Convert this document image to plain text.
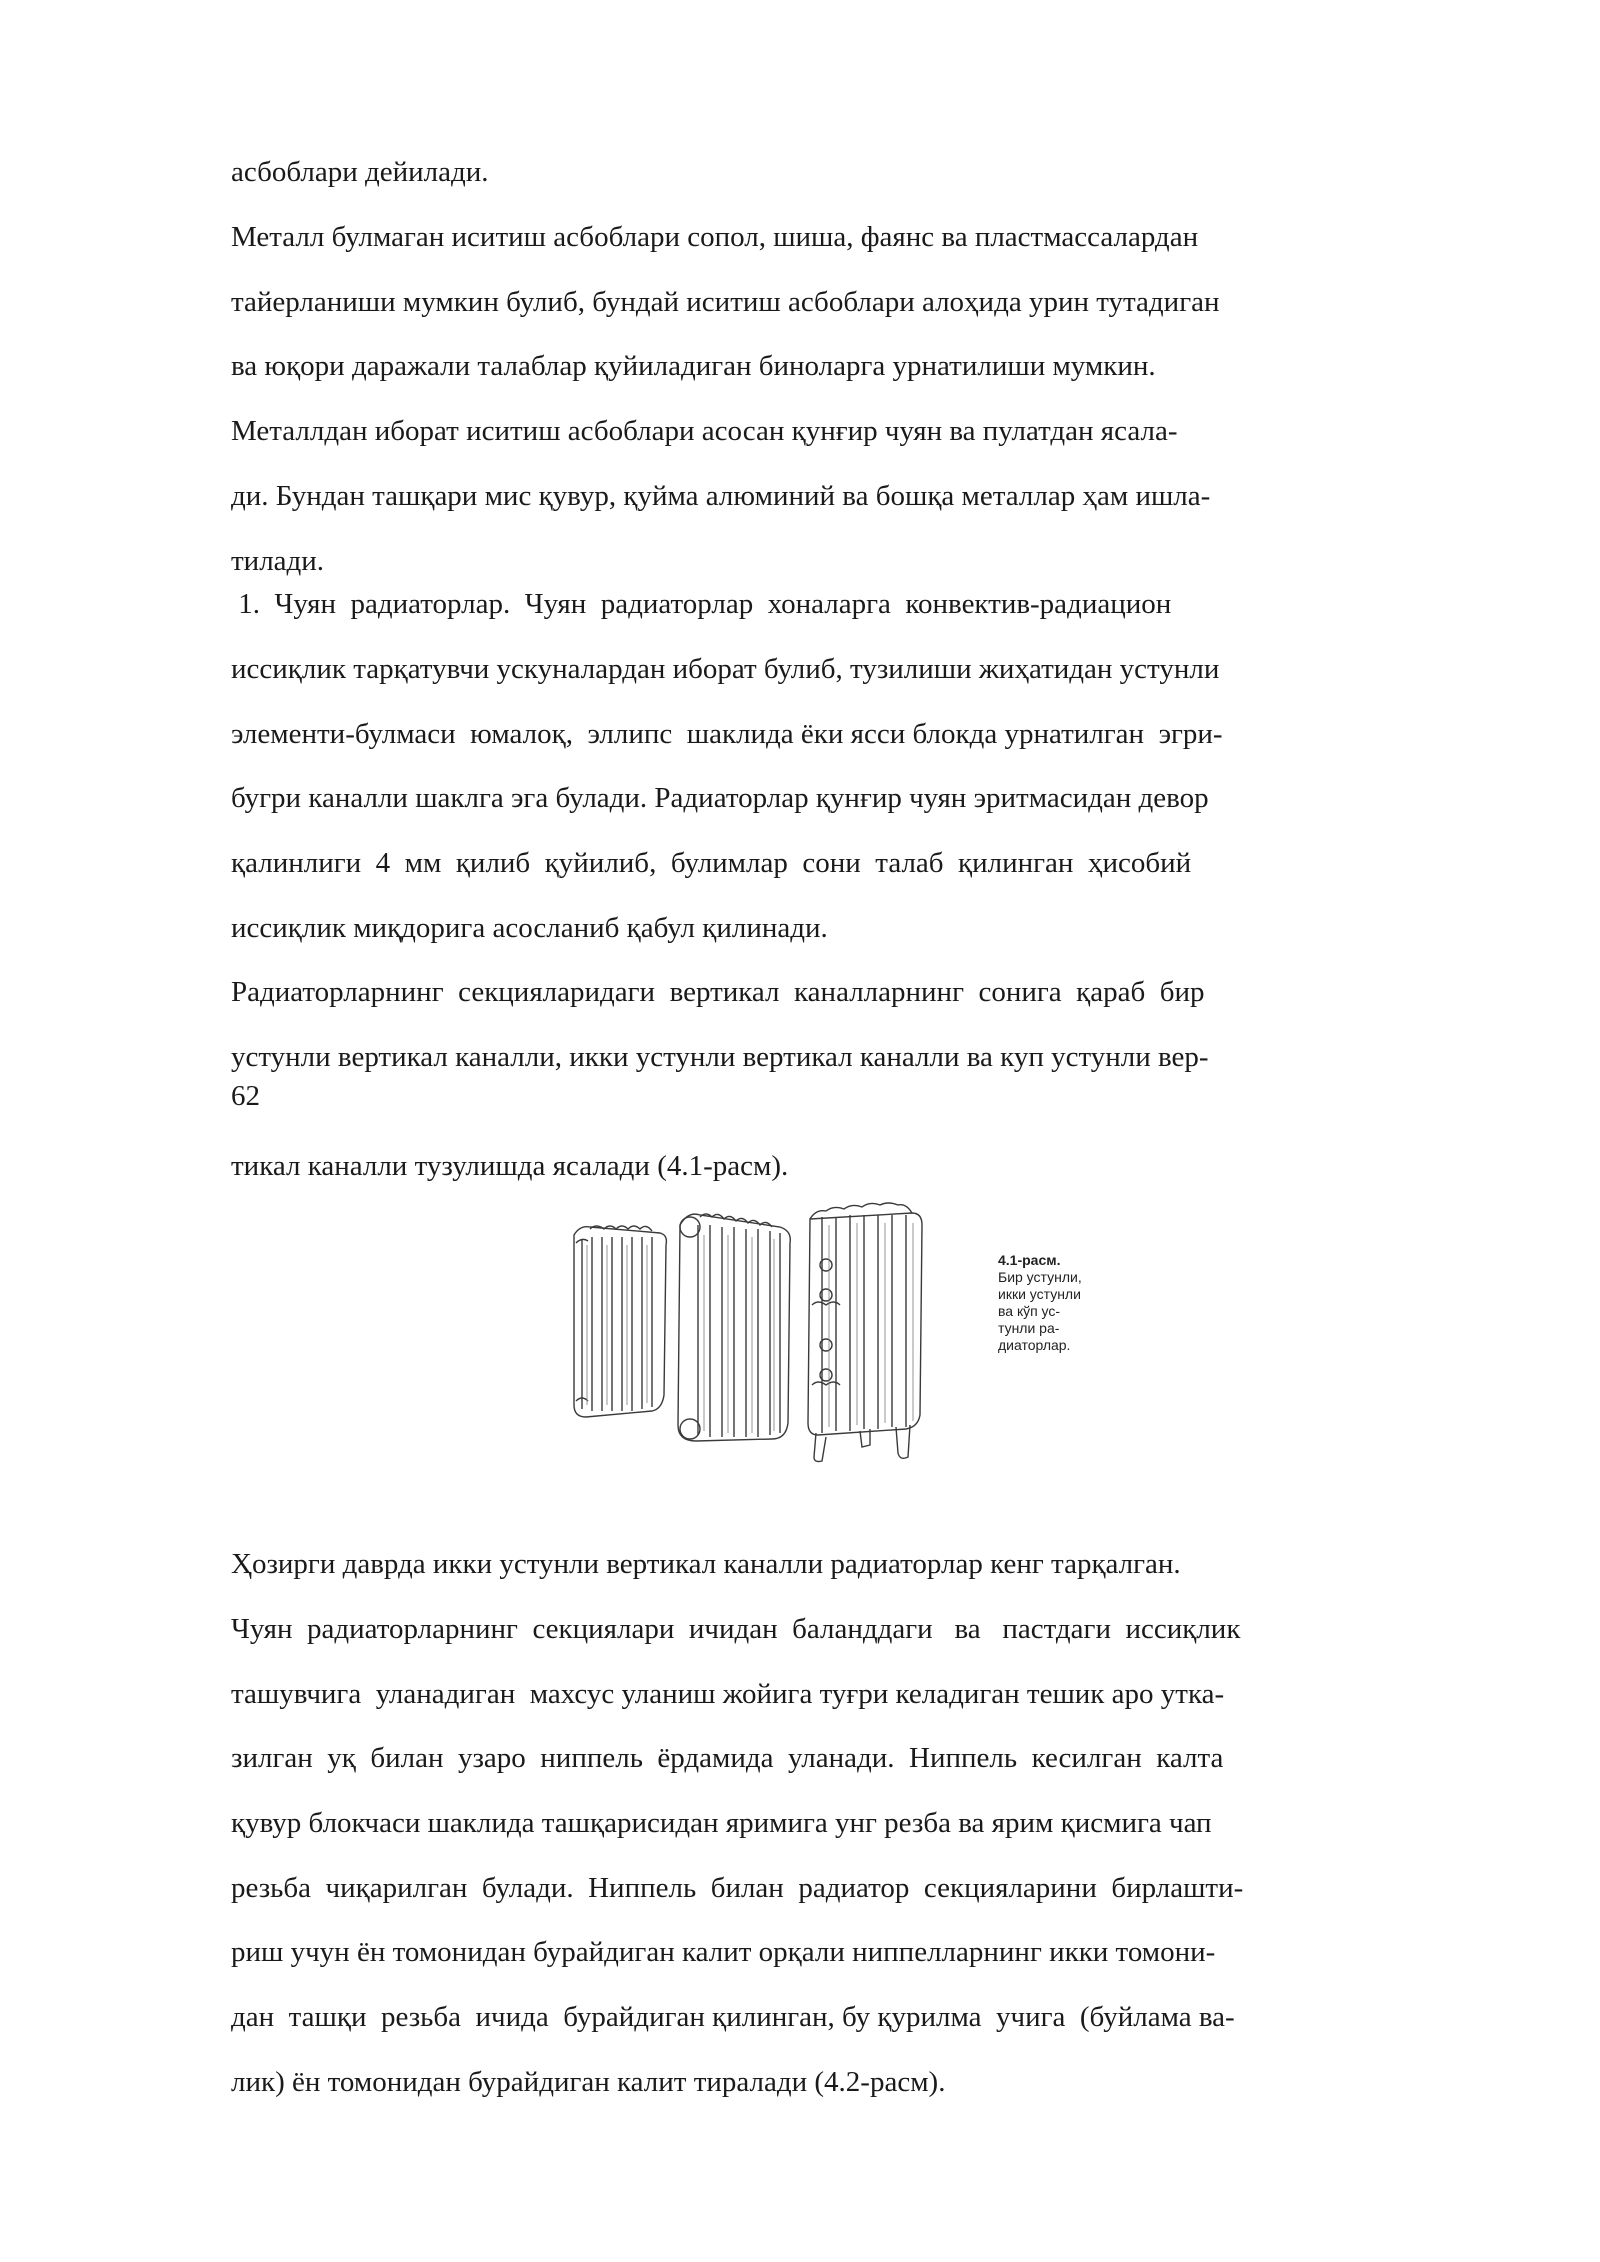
асбоблари дейилади.
Металл булмаган иситиш асбоблари сопол, шиша, фаянс ва пластмассалардан
тайерланиши мумкин булиб, бундай иситиш асбоблари алоҳида урин тутадиган
ва юқори даражали талаблар қуйиладиган биноларга урнатилиши мумкин.
Металлдан иборат иситиш асбоблари асосан қунғир чуян ва пулатдан ясала-
ди. Бундан ташқари мис қувур, қуйма алюминий ва бошқа металлар ҳам ишла-
тилади.
1.  Чуян  радиаторлар.  Чуян  радиаторлар  хоналарга  конвектив-радиацион
иссиқлик тарқатувчи ускуналардан иборат булиб, тузилиши жиҳатидан устунли
элементи-булмаси  юмалоқ,  эллипс  шаклида ёки ясси блокда урнатилган  эгри-
бугри каналли шаклга эга булади. Радиаторлар қунғир чуян эритмасидан девор
қалинлиги  4  мм  қилиб  қуйилиб,  булимлар  сони  талаб  қилинган  ҳисобий
иссиқлик миқдорига асосланиб қабул қилинади.
Радиаторларнинг  секцияларидаги  вертикал  каналларнинг  сонига  қараб  бир
устунли вертикал каналли, икки устунли вертикал каналли ва куп устунли вер-
62
тикал каналли тузулишда ясалади (4.1-расм).
4.1-расм.
Бир устунли,
икки устунли
ва кўп ус-
тунли ра-
диаторлар.
Ҳозирги даврда икки устунли вертикал каналли радиаторлар кенг тарқалган.
Чуян  радиаторларнинг  секциялари  ичидан  баланддаги   ва   пастдаги  иссиқлик
ташувчига  уланадиган  махсус уланиш жойига туғри келадиган тешик аро утка-
зилган  уқ  билан  узаро  ниппель  ёрдамида  уланади.  Ниппель  кесилган  калта
қувур блокчаси шаклида ташқарисидан яримига унг резба ва ярим қисмига чап
резьба  чиқарилган  булади.  Ниппель  билан  радиатор  секцияларини  бирлашти-
риш учун ён томонидан бурайдиган калит орқали ниппелларнинг икки томони-
дан  ташқи  резьба  ичида  бурайдиган қилинган, бу қурилма  учига  (буйлама ва-
лик) ён томонидан бурайдиган калит тиралади (4.2-расм).
